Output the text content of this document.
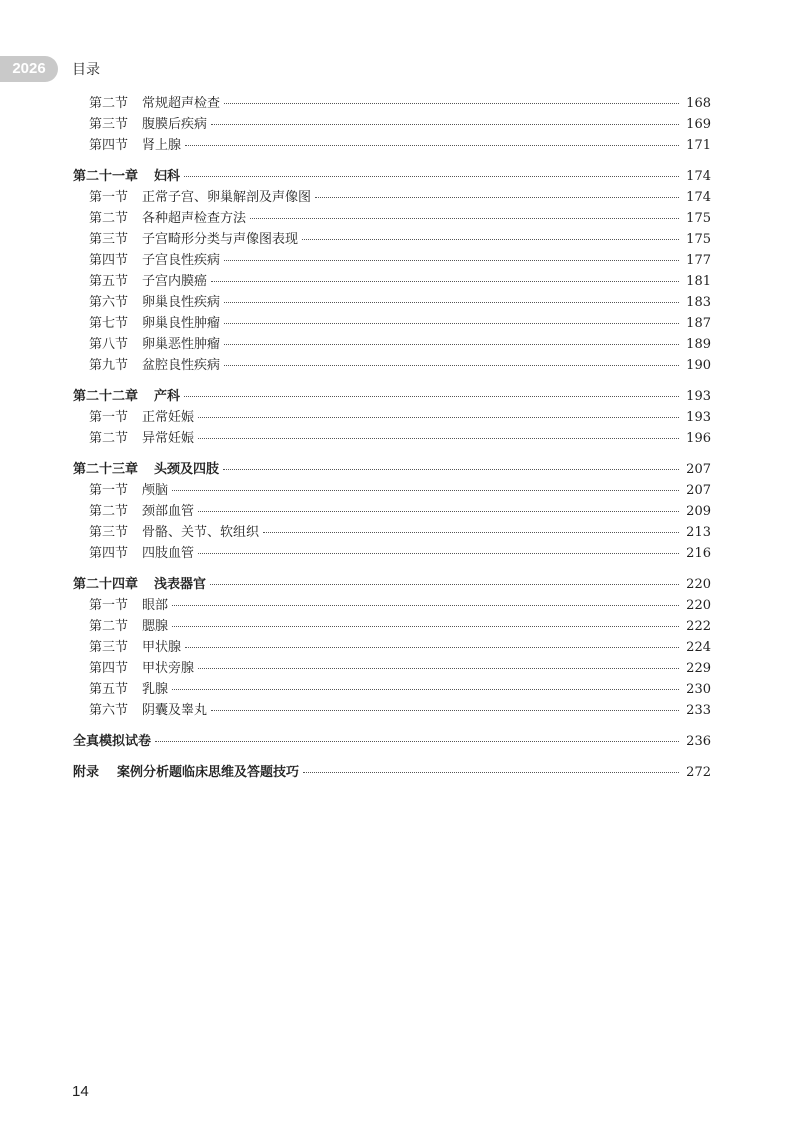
2026	目录
第二节 常规超声检查	168
第三节 腹膜后疾病	169
第四节 肾上腺	171
第二十一章 妇科	174
第一节 正常子宫、卵巢解剖及声像图	174
第二节 各种超声检查方法	175
第三节 子宫畸形分类与声像图表现	175
第四节 子宫良性疾病	177
第五节 子宫内膜癌	181
第六节 卵巢良性疾病	183
第七节 卵巢良性肿瘤	187
第八节 卵巢恶性肿瘤	189
第九节 盆腔良性疾病	190
第二十二章 产科	193
第一节 正常妊娠	193
第二节 异常妊娠	196
第二十三章 头颈及四肢	207
第一节 颅脑	207
第二节 颈部血管	209
第三节 骨骼、关节、软组织	213
第四节 四肢血管	216
第二十四章 浅表器官	220
第一节 眼部	220
第二节 腮腺	222
第三节 甲状腺	224
第四节 甲状旁腺	229
第五节 乳腺	230
第六节 阴囊及睾丸	233
全真模拟试卷	236
附录 案例分析题临床思维及答题技巧	272
14
